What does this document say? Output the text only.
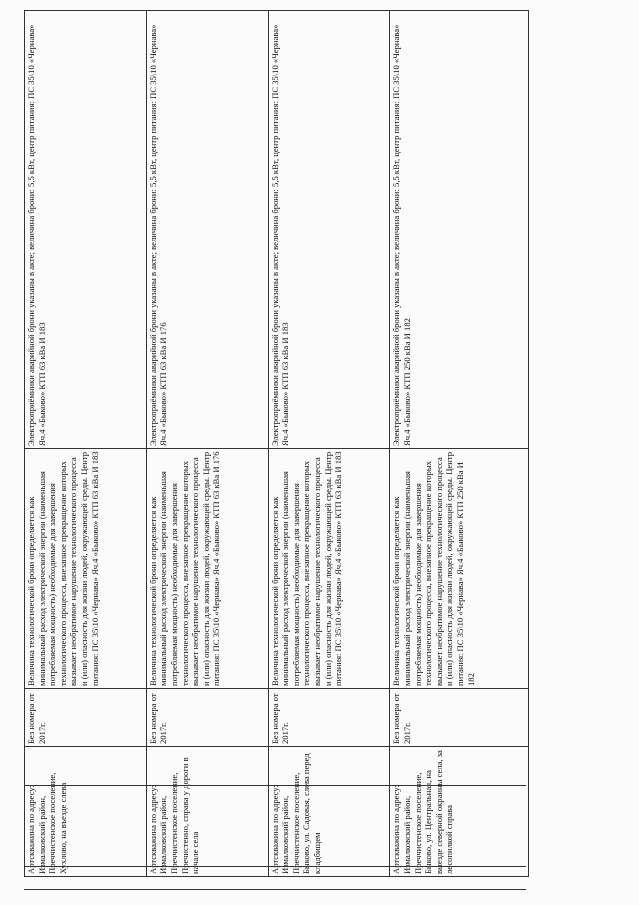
Артскважина по адресу: Измалковский район, Преччистенское поселение, Хухлово, на въезде слева	Без номера от 2017г.	Величина технологической брони определяется как минимальный расход электрической энергии (наименьшая потребляемая мощность) необходимые для завершения технологического процесса, внезапное прекращение которых вызывает необратимое нарушение технологического процесса и (или) опасность для жизни людей, окружающей среды. Центр питания: ПС 35\10 «Чернава» Яч.4 «Быково» КТП 63 кВа И 183	Электроприёмники аварийной брони указаны в акте; величина брони: 5,5 кВт, центр питания: ПС 35\10 «Чернава» Яч.4 «Быково» КТП 63 кВа И 183

Артскважина по адресу: Измалковский район, Преччистенское поселение, Пречистенно, справа у дороги в начале села	Без номера от 2017г.	Величина технологической брони определяется как минимальный расход электрической энергии (наименьшая потребляемая мощность) необходимые для завершения технологического процесса, внезапное прекращение которых вызывает необратимое нарушение технологического процесса и (или) опасность для жизни людей, окружающей среды. Центр питания: ПС 35\10 «Чернава» Яч.4 «Быково» КТП 63 кВа И 176	Электроприёмники аварийной брони указаны в акте; величина брони: 5,5 кВт, центр питания: ПС 35\10 «Чернава» Яч.4 «Быково» КТП 63 кВа И 176

Артскважина по адресу: Измалковский район, Преччистенское поселение, Быково, ул. Садовая, слева перед кладбищем	Без номера от 2017г.	Величина технологической брони определяется как минимальный расход электрической энергии (наименьшая потребляемая мощность) необходимые для завершения технологического процесса, внезапное прекращение которых вызывает необратимое нарушение технологического процесса и (или) опасность для жизни людей, окружающей среды. Центр питания: ПС 35\10 «Чернава» Яч.4 «Быково» КТП 63 кВа И 183	Электроприёмники аварийной брони указаны в акте; величина брони: 5,5 кВт, центр питания: ПС 35\10 «Чернава» Яч.4 «Быково» КТП 63 кВа И 183

Артскважина по адресу: Измалковский район, Преччистенское поселение, Быково, ул. Центральная, на выезде северной окраины села, за лесопилкой справа	Без номера от 2017г.	Величина технологической брони определяется как минимальный расход электрической энергии (наименьшая потребляемая мощность) необходимые для завершения технологического процесса, внезапное прекращение которых вызывает необратимое нарушение технологического процесса и (или) опасность для жизни людей, окружающей среды. Центр питания: ПС 35\10 «Чернава» Яч.4 «Быково» КТП 250 кВа И 182	Электроприёмники аварийной брони указаны в акте; величина брони: 5,5 кВт, центр питания: ПС 35\10 «Чернава» Яч.4 «Быково» КТП 250 кВа И 182
